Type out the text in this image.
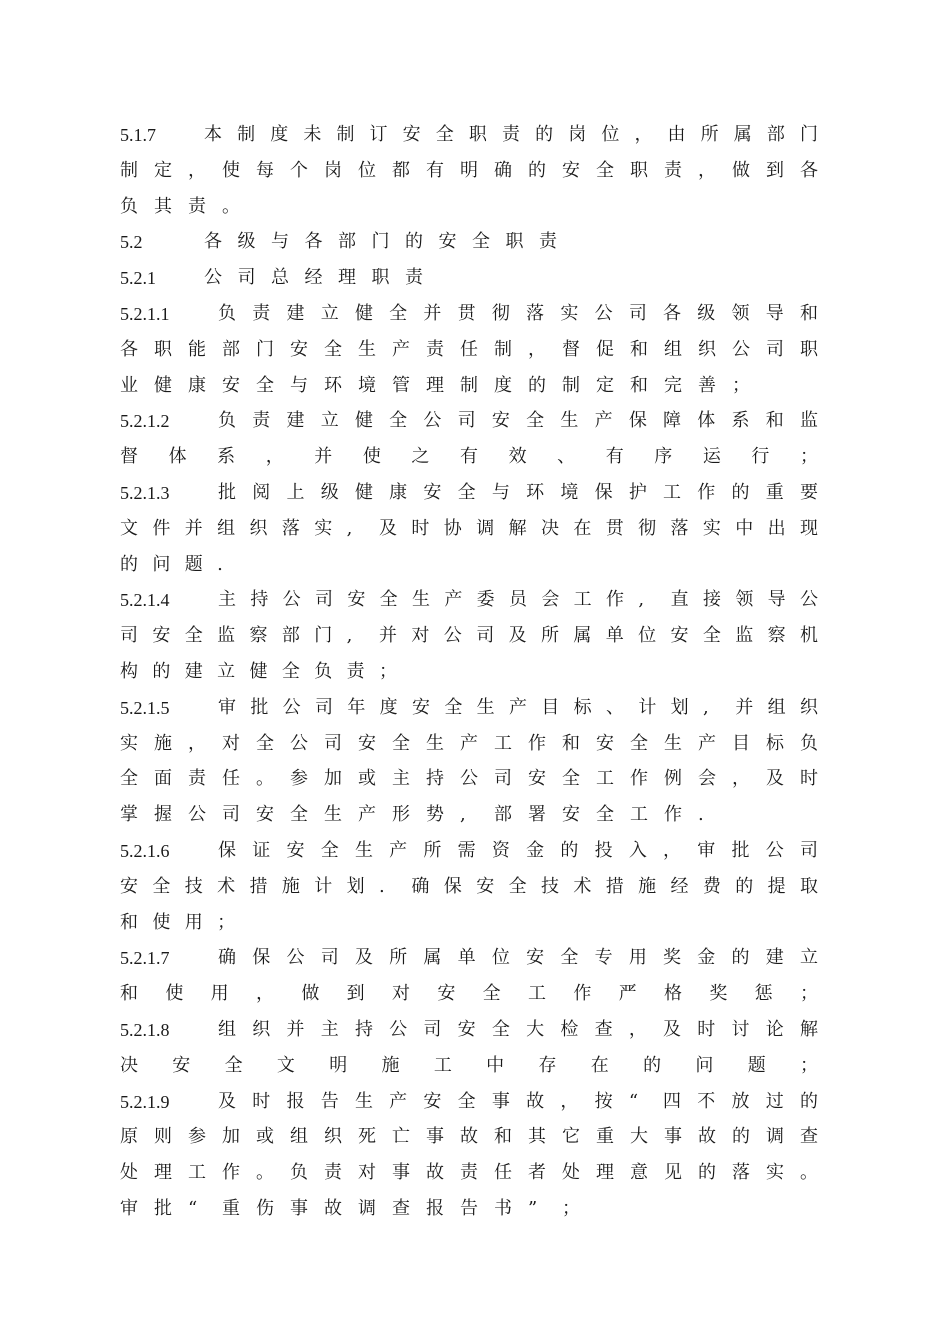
5.1.7	本 制 度 未 制 订 安 全 职 责 的 岗 位 ， 由 所 属 部 门
制 定 ， 使 每 个 岗 位 都 有 明 确 的 安 全 职 责 ， 做 到 各
负 其 责 。
5.2	各 级 与 各 部 门 的 安 全 职 责
5.2.1	公 司 总 经 理 职 责
5.2.1.1	负 责 建 立 健 全 并 贯 彻 落 实 公 司 各 级 领 导 和
各 职 能 部 门 安 全 生 产 责 任 制 ， 督 促 和 组 织 公 司 职
业 健 康 安 全 与 环 境 管 理 制 度 的 制 定 和 完 善 ；
5.2.1.2	负 责 建 立 健 全 公 司 安 全 生 产 保 障 体 系 和 监
督 体 系 ， 并 使 之 有 效 、 有 序 运 行 ；
5.2.1.3	批 阅 上 级 健 康 安 全 与 环 境 保 护 工 作 的 重 要
文 件 并 组 织 落 实 , 及 时 协 调 解 决 在 贯 彻 落 实 中 出 现
的 问 题 .
5.2.1.4	主 持 公 司 安 全 生 产 委 员 会 工 作 , 直 接 领 导 公
司 安 全 监 察 部 门 , 并 对 公 司 及 所 属 单 位 安 全 监 察 机
构 的 建 立 健 全 负 责 ；
5.2.1.5	审 批 公 司 年 度 安 全 生 产 目 标 、 计 划 , 并 组 织
实 施 ， 对 全 公 司 安 全 生 产 工 作 和 安 全 生 产 目 标 负
全 面 责 任 。 参 加 或 主 持 公 司 安 全 工 作 例 会 ， 及 时
掌 握 公 司 安 全 生 产 形 势 , 部 署 安 全 工 作 .
5.2.1.6	保 证 安 全 生 产 所 需 资 金 的 投 入 ， 审 批 公 司
安 全 技 术 措 施 计 划 . 确 保 安 全 技 术 措 施 经 费 的 提 取
和 使 用 ；
5.2.1.7	确 保 公 司 及 所 属 单 位 安 全 专 用 奖 金 的 建 立
和 使 用 ， 做 到 对 安 全 工 作 严 格 奖 惩 ；
5.2.1.8	组 织 并 主 持 公 司 安 全 大 检 查 ， 及 时 讨 论 解
决 安 全 文 明 施 工 中 存 在 的 问 题 ；
5.2.1.9	及 时 报 告 生 产 安 全 事 故 ， 按 “ 四 不 放 过 的
原 则 参 加 或 组 织 死 亡 事 故 和 其 它 重 大 事 故 的 调 查
处 理 工 作 。 负 责 对 事 故 责 任 者 处 理 意 见 的 落 实 。
审 批 “ 重 伤 事 故 调 查 报 告 书 ” ；
